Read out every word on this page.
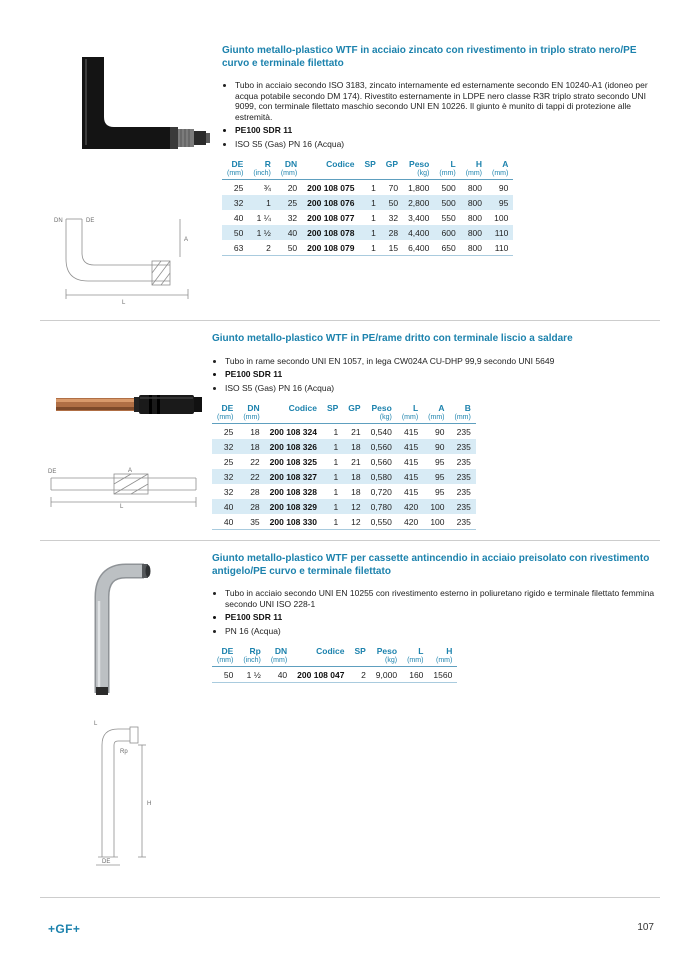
DN	DE
L
A
Giunto metallo-plastico WTF in acciaio zincato con rivestimento in triplo strato nero/PE curvo e terminale filettato
• Tubo in acciaio secondo ISO 3183, zincato internamente ed esternamente secondo EN 10240-A1 (idoneo per acqua potabile secondo DM 174). Rivestito esternamente in LDPE nero classe R3R triplo strato secondo UNI 9099, con terminale filettato maschio secondo UNI EN 10226. Il giunto è munito di tappi di protezione alle estremità.
• PE100 SDR 11
• ISO S5 (Gas) PN 16 (Acqua)
DE	R	DN	Codice	SP	GP	Peso	L	H	A
(mm)	(inch)	(mm)				(kg)	(mm)	(mm)	(mm)
25	¾	20	200 108 075	1	70	1,800	500	800	90
32	1	25	200 108 076	1	50	2,800	500	800	95
40	1 ¼	32	200 108 077	1	32	3,400	550	800	100
50	1 ½	40	200 108 078	1	28	4,400	600	800	110
63	2	50	200 108 079	1	15	6,400	650	800	110
DE	A
L
Giunto metallo-plastico WTF in PE/rame dritto con terminale liscio a saldare
• Tubo in rame secondo UNI EN 1057, in lega CW024A CU-DHP 99,9 secondo UNI 5649
• PE100 SDR 11
• ISO S5 (Gas) PN 16 (Acqua)
DE	DN	Codice	SP	GP	Peso	L	A	B
(mm)	(mm)				(kg)	(mm)	(mm)	(mm)
25	18	200 108 324	1	21	0,540	415	90	235
32	18	200 108 326	1	18	0,560	415	90	235
25	22	200 108 325	1	21	0,560	415	95	235
32	22	200 108 327	1	18	0,580	415	95	235
32	28	200 108 328	1	18	0,720	415	95	235
40	28	200 108 329	1	12	0,780	420	100	235
40	35	200 108 330	1	12	0,550	420	100	235
L
Rp
H
DE
Giunto metallo-plastico WTF per cassette antincendio in acciaio preisolato con rivestimento antigelo/PE curvo e terminale filettato
• Tubo in acciaio secondo UNI EN 10255 con rivestimento esterno in poliuretano rigido e terminale filettato femmina secondo UNI ISO 228-1
• PE100 SDR 11
• PN 16 (Acqua)
DE	Rp	DN	Codice	SP	Peso	L	H
(mm)	(inch)	(mm)			(kg)	(mm)	(mm)
50	1 ½	40	200 108 047	2	9,000	160	1560
+GF+	107
